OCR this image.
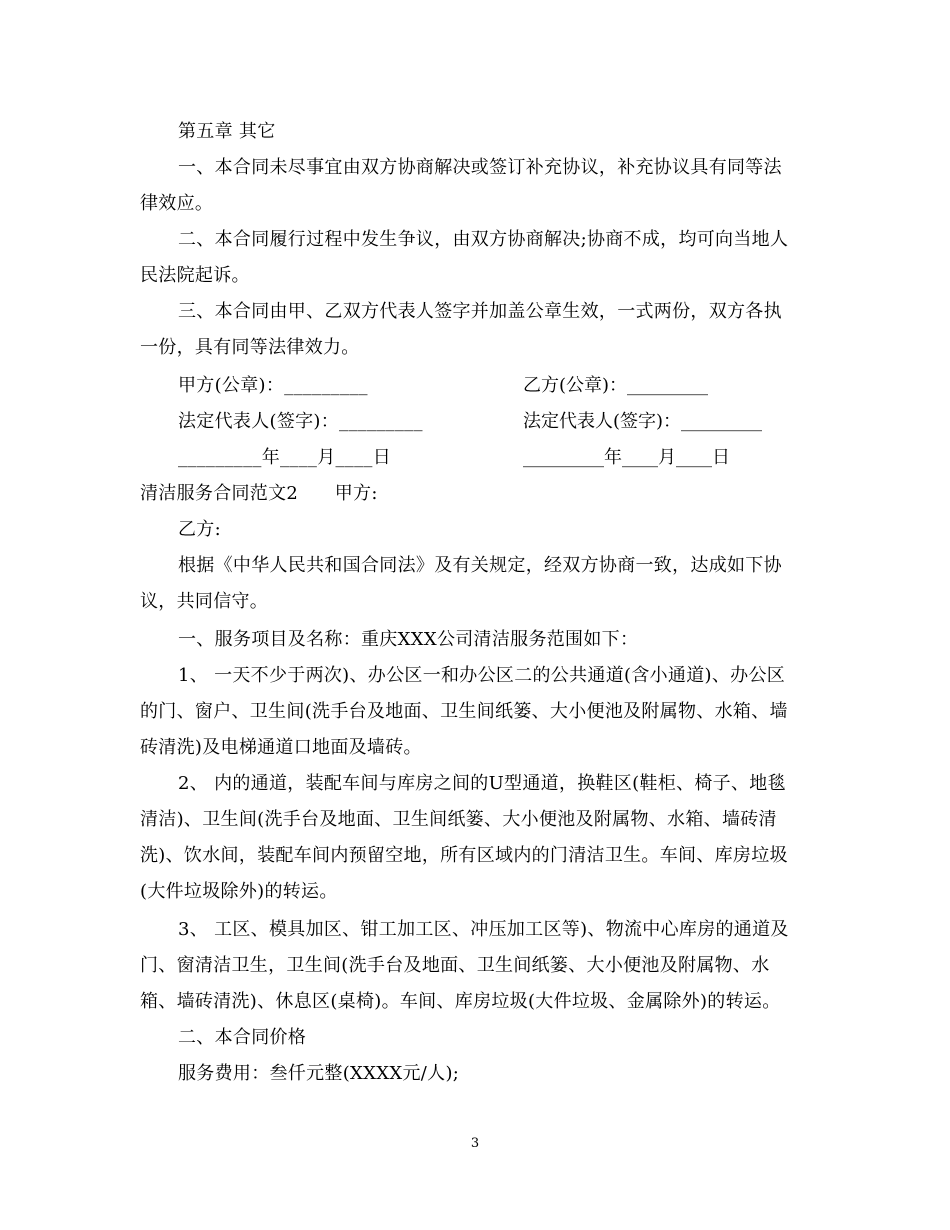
第五章 其它
一、本合同未尽事宜由双方协商解决或签订补充协议，补充协议具有同等法
律效应。
二、本合同履行过程中发生争议，由双方协商解决;协商不成，均可向当地人
民法院起诉。
三、本合同由甲、乙双方代表人签字并加盖公章生效，一式两份，双方各执
一份，具有同等法律效力。
甲方(公章)：_________	乙方(公章)：_________
法定代表人(签字)：_________	法定代表人(签字)：_________
_________年____月____日	_________年____月____日
清洁服务合同范文2　　甲方:
乙方:
根据《中华人民共和国合同法》及有关规定，经双方协商一致，达成如下协
议，共同信守。
一、服务项目及名称：重庆XXX公司清洁服务范围如下：
1、 一天不少于两次)、办公区一和办公区二的公共通道(含小通道)、办公区
的门、窗户、卫生间(洗手台及地面、卫生间纸篓、大小便池及附属物、水箱、墙
砖清洗)及电梯通道口地面及墙砖。
2、 内的通道，装配车间与库房之间的U型通道，换鞋区(鞋柜、椅子、地毯
清洁)、卫生间(洗手台及地面、卫生间纸篓、大小便池及附属物、水箱、墙砖清
洗)、饮水间，装配车间内预留空地，所有区域内的门清洁卫生。车间、库房垃圾
(大件垃圾除外)的转运。
3、 工区、模具加区、钳工加工区、冲压加工区等)、物流中心库房的通道及
门、窗清洁卫生，卫生间(洗手台及地面、卫生间纸篓、大小便池及附属物、水
箱、墙砖清洗)、休息区(桌椅)。车间、库房垃圾(大件垃圾、金属除外)的转运。
二、本合同价格
服务费用：叁仟元整(XXXX元/人);
3
